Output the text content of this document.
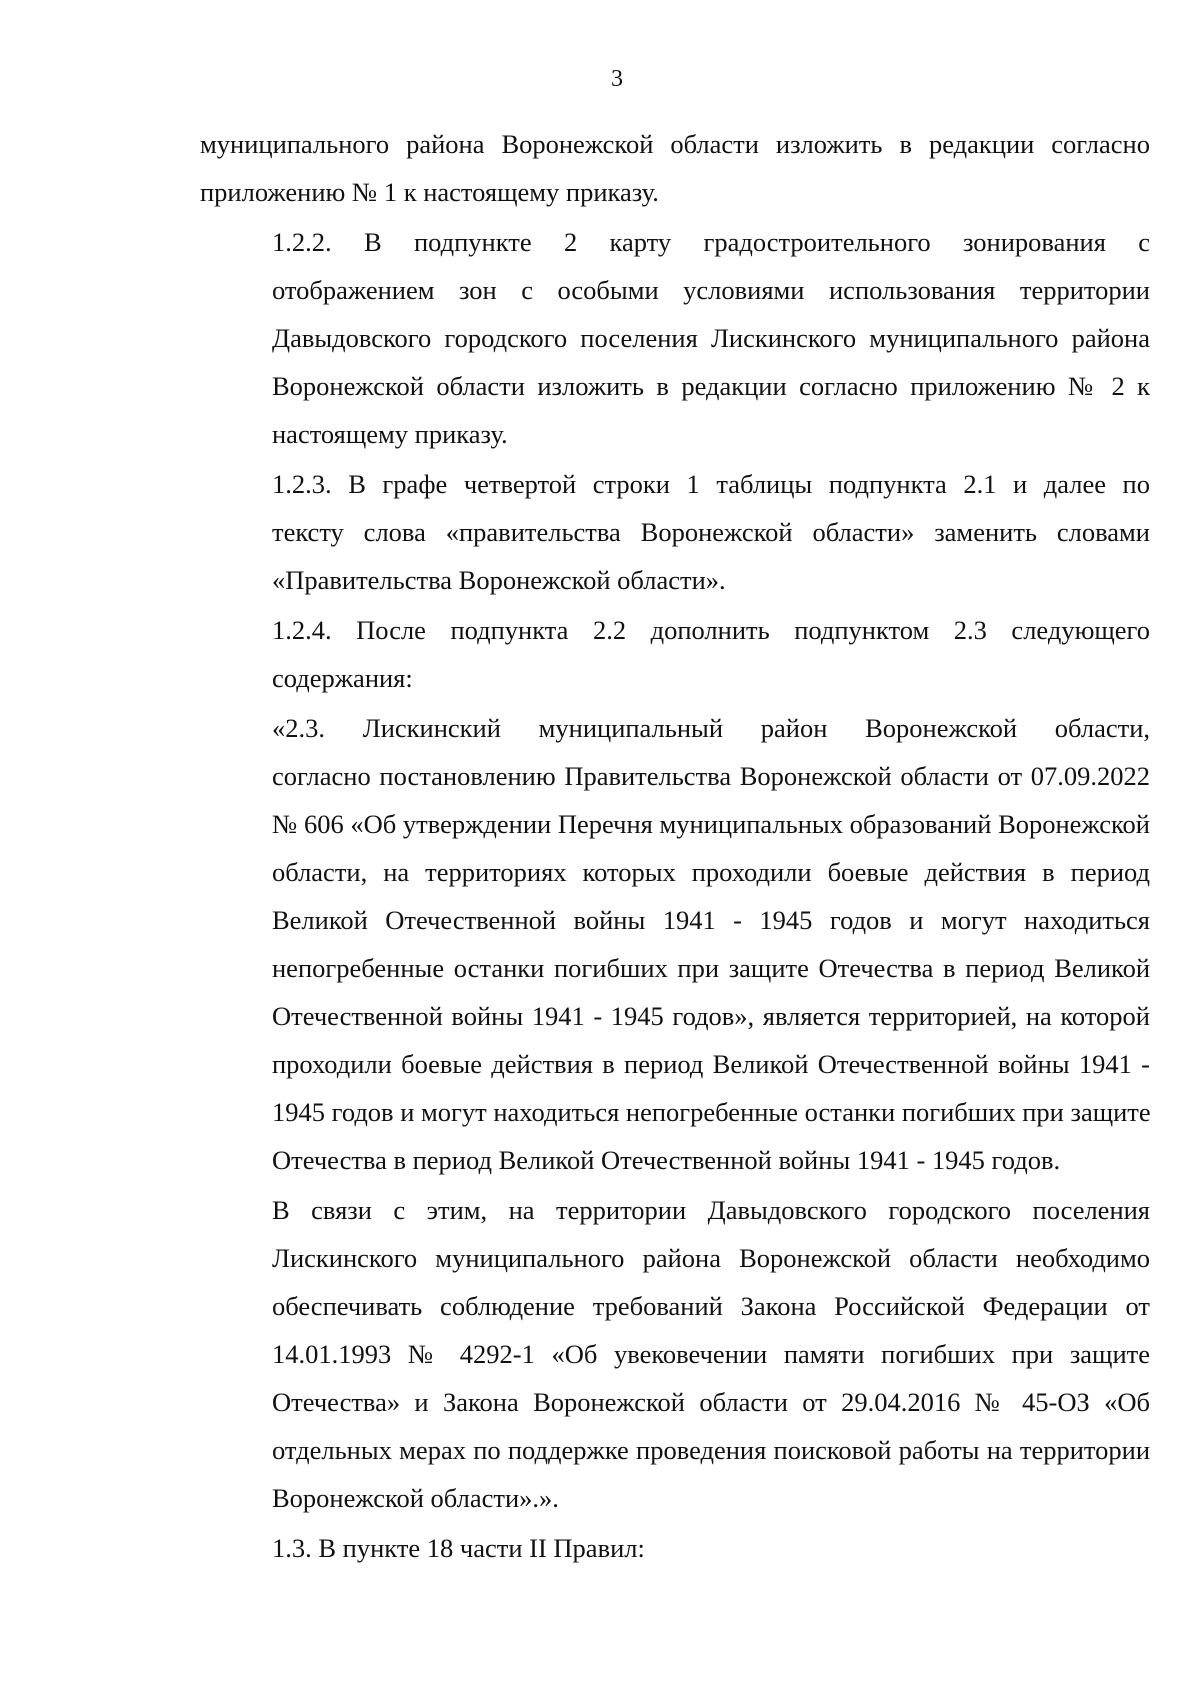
3
муниципального района Воронежской области изложить в редакции согласно
приложению № 1 к настоящему приказу.
1.2.2. В подпункте 2 карту градостроительного зонирования с
отображением зон с особыми условиями использования территории
Давыдовского городского поселения Лискинского муниципального района
Воронежской области изложить в редакции согласно приложению № 2 к
настоящему приказу.
1.2.3. В графе четвертой строки 1 таблицы подпункта 2.1 и далее по
тексту слова «правительства Воронежской области» заменить словами
«Правительства Воронежской области».
1.2.4. После подпункта 2.2 дополнить подпунктом 2.3 следующего
содержания:
«2.3. Лискинский муниципальный район Воронежской области,
согласно постановлению Правительства Воронежской области от 07.09.2022
№ 606 «Об утверждении Перечня муниципальных образований Воронежской
области, на территориях которых проходили боевые действия в период
Великой Отечественной войны 1941 - 1945 годов и могут находиться
непогребенные останки погибших при защите Отечества в период Великой
Отечественной войны 1941 - 1945 годов», является территорией, на которой
проходили боевые действия в период Великой Отечественной войны 1941 -
1945 годов и могут находиться непогребенные останки погибших при защите
Отечества в период Великой Отечественной войны 1941 - 1945 годов.
В связи с этим, на территории Давыдовского городского поселения
Лискинского муниципального района Воронежской области необходимо
обеспечивать соблюдение требований Закона Российской Федерации от
14.01.1993 № 4292-1 «Об увековечении памяти погибших при защите
Отечества» и Закона Воронежской области от 29.04.2016 № 45-ОЗ «Об
отдельных мерах по поддержке проведения поисковой работы на территории
Воронежской области».».
1.3. В пункте 18 части II Правил:
